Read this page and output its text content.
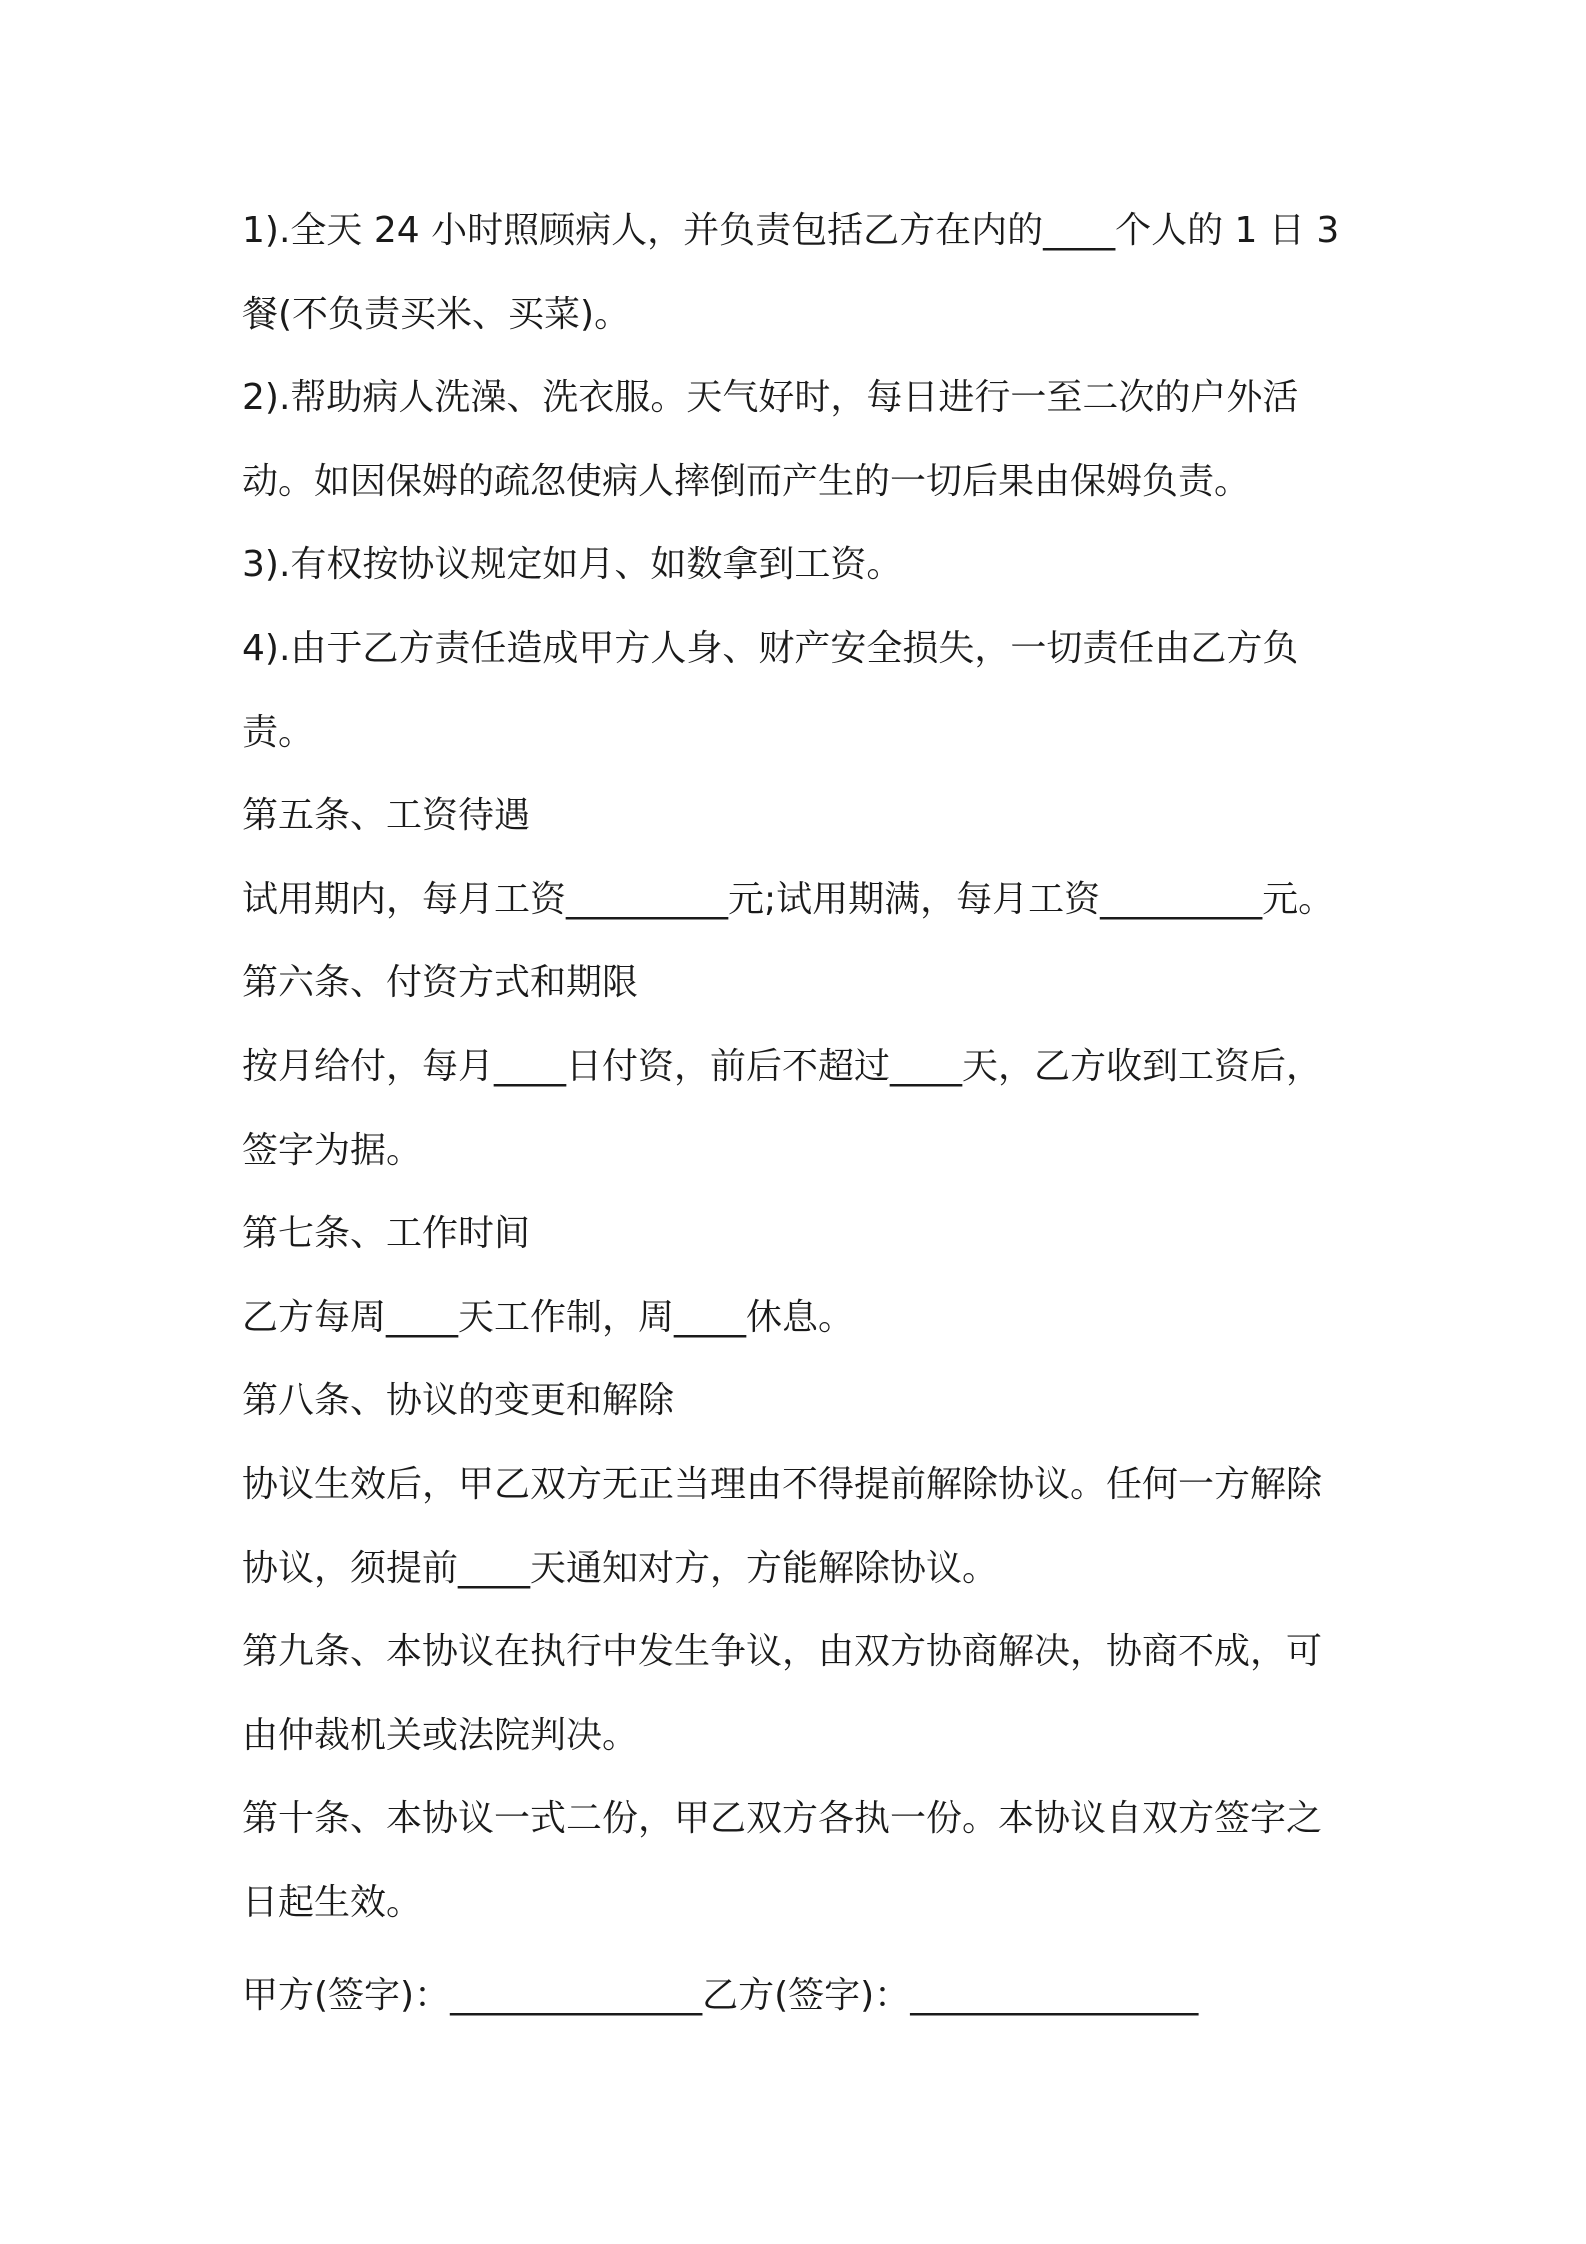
1).全天 24 小时照顾病人，并负责包括乙方在内的____个人的 1 日 3
餐(不负责买米、买菜)。
2).帮助病人洗澡、洗衣服。天气好时，每日进行一至二次的户外活
动。如因保姆的疏忽使病人摔倒而产生的一切后果由保姆负责。
3).有权按协议规定如月、如数拿到工资。
4).由于乙方责任造成甲方人身、财产安全损失，一切责任由乙方负
责。
第五条、工资待遇
试用期内，每月工资_________元;试用期满，每月工资_________元。
第六条、付资方式和期限
按月给付，每月____日付资，前后不超过____天，乙方收到工资后，
签字为据。
第七条、工作时间
乙方每周____天工作制，周____休息。
第八条、协议的变更和解除
协议生效后，甲乙双方无正当理由不得提前解除协议。任何一方解除
协议，须提前____天通知对方，方能解除协议。
第九条、本协议在执行中发生争议，由双方协商解决，协商不成，可
由仲裁机关或法院判决。
第十条、本协议一式二份，甲乙双方各执一份。本协议自双方签字之
日起生效。
甲方(签字)：______________乙方(签字)：________________
